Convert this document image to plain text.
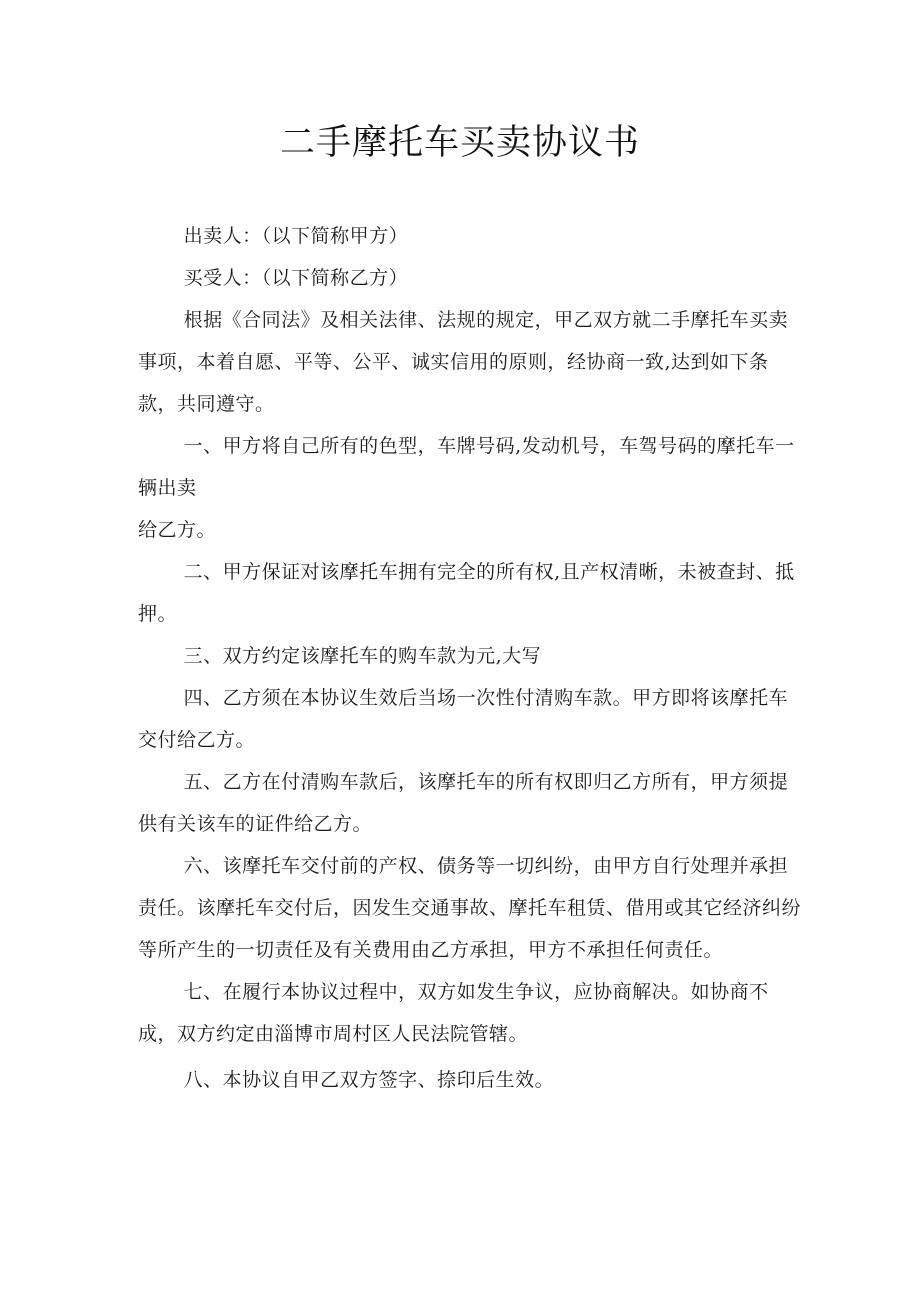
二手摩托车买卖协议书

出卖人：（以下简称甲方）

买受人：（以下简称乙方）

根据《合同法》及相关法律、法规的规定，甲乙双方就二手摩托车买卖事项，本着自愿、平等、公平、诚实信用的原则，经协商一致,达到如下条款，共同遵守。

一、甲方将自己所有的色型，车牌号码,发动机号，车驾号码的摩托车一辆出卖

给乙方。

二、甲方保证对该摩托车拥有完全的所有权,且产权清晰，未被查封、抵押。

三、双方约定该摩托车的购车款为元,大写

四、乙方须在本协议生效后当场一次性付清购车款。甲方即将该摩托车交付给乙方。

五、乙方在付清购车款后，该摩托车的所有权即归乙方所有，甲方须提供有关该车的证件给乙方。

六、该摩托车交付前的产权、债务等一切纠纷，由甲方自行处理并承担责任。该摩托车交付后，因发生交通事故、摩托车租赁、借用或其它经济纠纷等所产生的一切责任及有关费用由乙方承担，甲方不承担任何责任。

七、在履行本协议过程中，双方如发生争议，应协商解决。如协商不成，双方约定由淄博市周村区人民法院管辖。

八、本协议自甲乙双方签字、捺印后生效。
